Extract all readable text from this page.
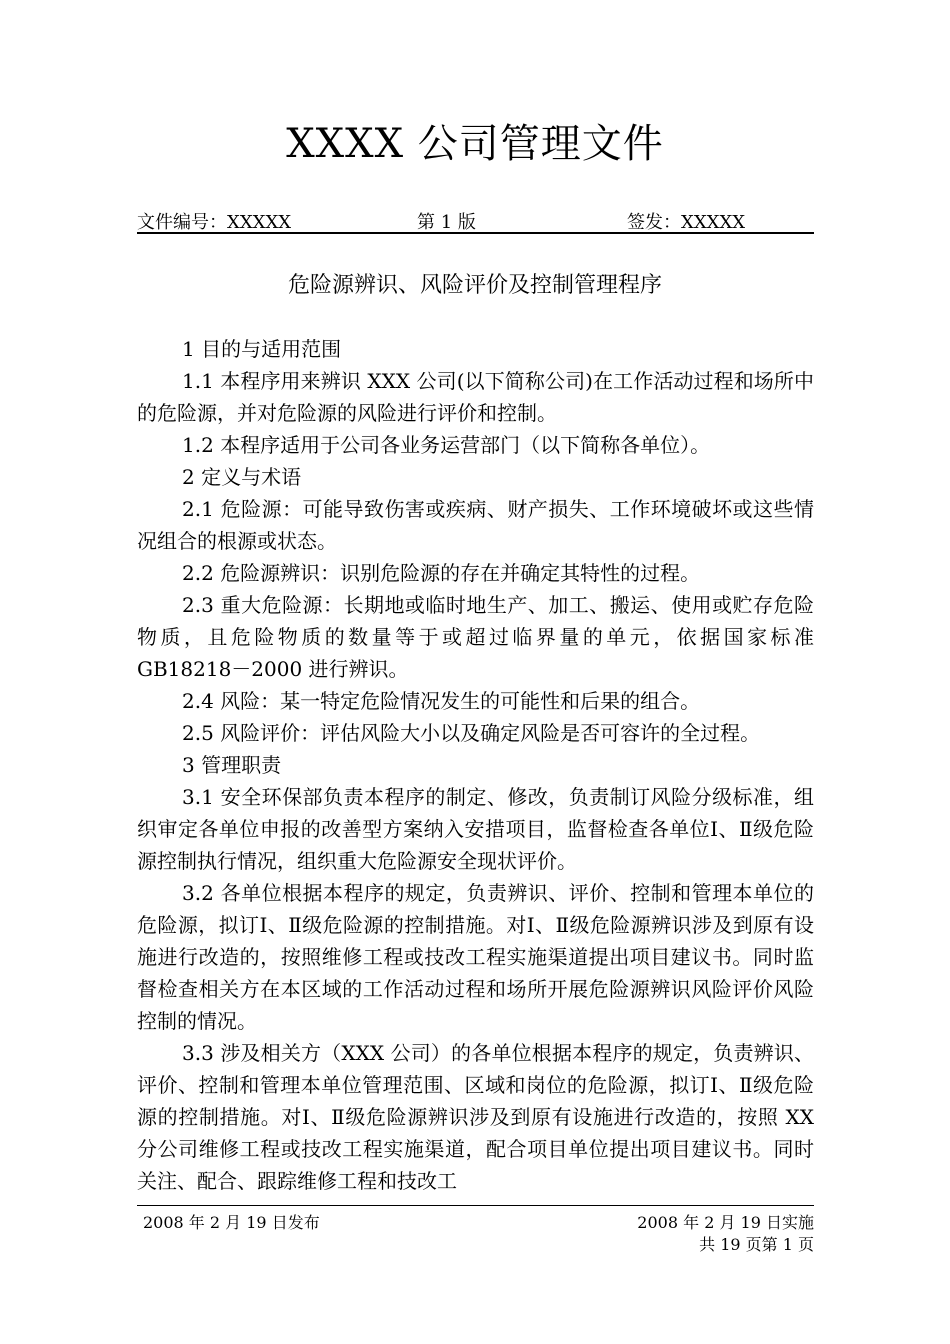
XXXX 公司管理文件
文件编号：XXXXX	第 1 版	签发：XXXXX
危险源辨识、风险评价及控制管理程序

1 目的与适用范围

1.1 本程序用来辨识 XXX 公司(以下简称公司)在工作活动过程和场所中的危险源，并对危险源的风险进行评价和控制。

1.2 本程序适用于公司各业务运营部门（以下简称各单位）。

2 定义与术语

2.1 危险源：可能导致伤害或疾病、财产损失、工作环境破坏或这些情况组合的根源或状态。

2.2 危险源辨识：识别危险源的存在并确定其特性的过程。

2.3 重大危险源：长期地或临时地生产、加工、搬运、使用或贮存危险物质，且危险物质的数量等于或超过临界量的单元，依据国家标准 GB18218－2000 进行辨识。

2.4 风险：某一特定危险情况发生的可能性和后果的组合。

2.5 风险评价：评估风险大小以及确定风险是否可容许的全过程。

3 管理职责

3.1 安全环保部负责本程序的制定、修改，负责制订风险分级标准，组织审定各单位申报的改善型方案纳入安措项目，监督检查各单位Ⅰ、Ⅱ级危险源控制执行情况，组织重大危险源安全现状评价。

3.2 各单位根据本程序的规定，负责辨识、评价、控制和管理本单位的危险源，拟订Ⅰ、Ⅱ级危险源的控制措施。对Ⅰ、Ⅱ级危险源辨识涉及到原有设施进行改造的，按照维修工程或技改工程实施渠道提出项目建议书。同时监督检查相关方在本区域的工作活动过程和场所开展危险源辨识风险评价风险控制的情况。

3.3 涉及相关方（XXX 公司）的各单位根据本程序的规定，负责辨识、评价、控制和管理本单位管理范围、区域和岗位的危险源，拟订Ⅰ、Ⅱ级危险源的控制措施。对Ⅰ、Ⅱ级危险源辨识涉及到原有设施进行改造的，按照 XX 分公司维修工程或技改工程实施渠道，配合项目单位提出项目建议书。同时关注、配合、跟踪维修工程和技改工

2008 年 2 月 19 日发布	2008 年 2 月 19 日实施
共 19 页第 1 页
